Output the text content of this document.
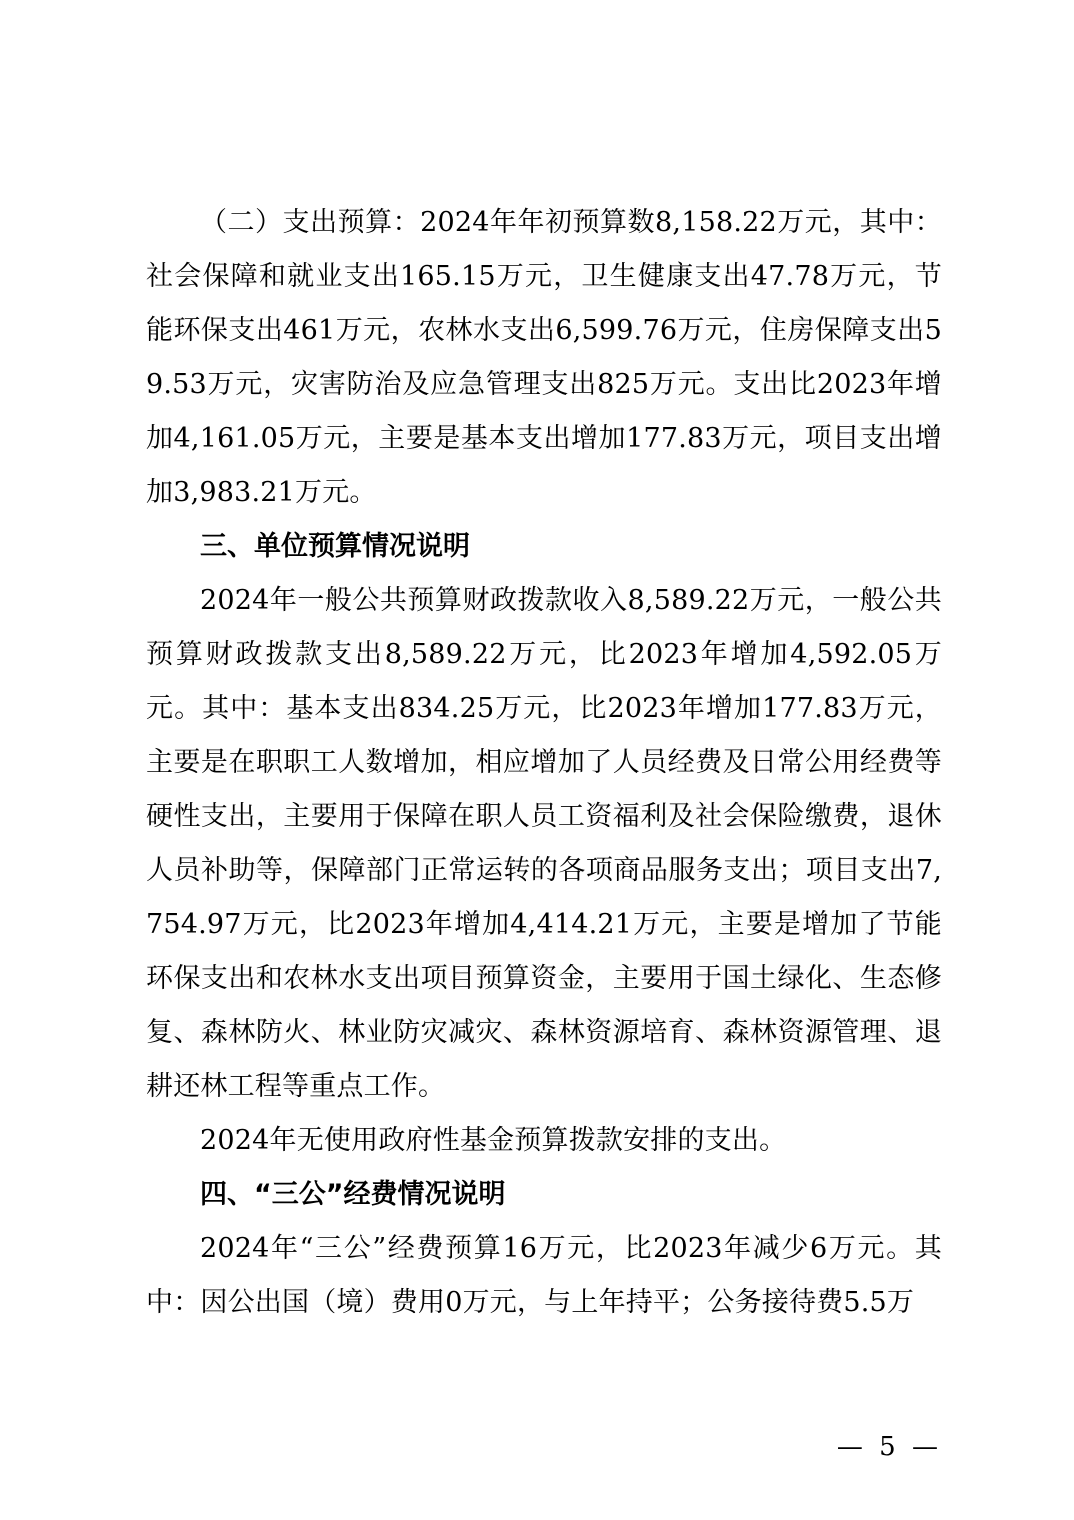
（二）支出预算：2024年年初预算数8,158.22万元，其中：社会保障和就业支出165.15万元，卫生健康支出47.78万元，节能环保支出461万元，农林水支出6,599.76万元，住房保障支出59.53万元，灾害防治及应急管理支出825万元。支出比2023年增加4,161.05万元，主要是基本支出增加177.83万元，项目支出增加3,983.21万元。

三、单位预算情况说明

2024年一般公共预算财政拨款收入8,589.22万元，一般公共预算财政拨款支出8,589.22万元，比2023年增加4,592.05万元。其中：基本支出834.25万元，比2023年增加177.83万元，主要是在职职工人数增加，相应增加了人员经费及日常公用经费等硬性支出，主要用于保障在职人员工资福利及社会保险缴费，退休人员补助等，保障部门正常运转的各项商品服务支出；项目支出7,754.97万元，比2023年增加4,414.21万元，主要是增加了节能环保支出和农林水支出项目预算资金，主要用于国土绿化、生态修复、森林防火、林业防灾减灾、森林资源培育、森林资源管理、退耕还林工程等重点工作。

2024年无使用政府性基金预算拨款安排的支出。

四、“三公”经费情况说明

2024年“三公”经费预算16万元，比2023年减少6万元。其中：因公出国（境）费用0万元，与上年持平；公务接待费5.5万

— 5 —
